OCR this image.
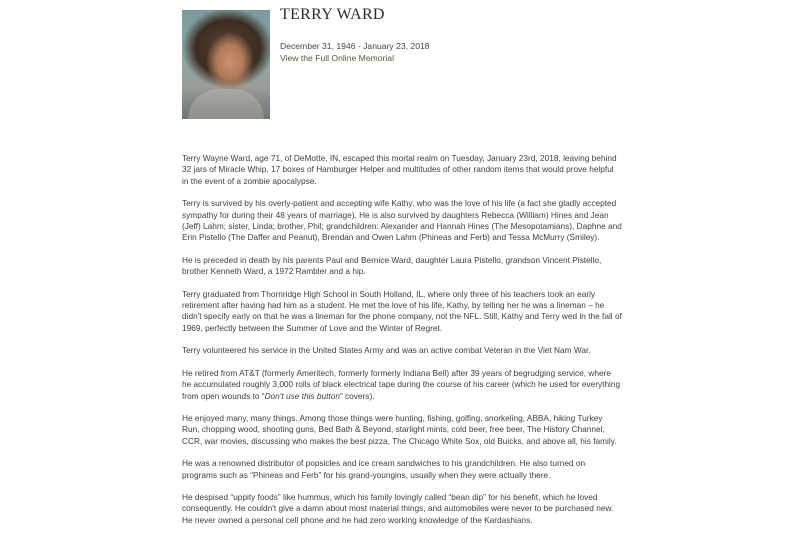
TERRY WARD
December 31, 1946 - January 23, 2018
View the Full Online Memorial

Terry Wayne Ward, age 71, of DeMotte, IN, escaped this mortal realm on Tuesday, January 23rd, 2018, leaving behind 32 jars of Miracle Whip, 17 boxes of Hamburger Helper and multitudes of other random items that would prove helpful in the event of a zombie apocalypse.

Terry is survived by his overly-patient and accepting wife Kathy, who was the love of his life (a fact she gladly accepted sympathy for during their 48 years of marriage). He is also survived by daughters Rebecca (William) Hines and Jean (Jeff) Lahm; sister, Linda; brother, Phil; grandchildren: Alexander and Hannah Hines (The Mesopotamians), Daphne and Erin Pistello (The Daffer and Peanut), Brendan and Owen Lahm (Phineas and Ferb) and Tessa McMurry (Smiley).

He is preceded in death by his parents Paul and Bernice Ward, daughter Laura Pistello, grandson Vincent Pistello, brother Kenneth Ward, a 1972 Rambler and a hip.

Terry graduated from Thornridge High School in South Holland, IL, where only three of his teachers took an early retirement after having had him as a student. He met the love of his life, Kathy, by telling her he was a lineman – he didn't specify early on that he was a lineman for the phone company, not the NFL. Still, Kathy and Terry wed in the fall of 1969, perfectly between the Summer of Love and the Winter of Regret.

Terry volunteered his service in the United States Army and was an active combat Veteran in the Viet Nam War.

He retired from AT&T (formerly Ameritech, formerly formerly Indiana Bell) after 39 years of begrudging service, where he accumulated roughly 3,000 rolls of black electrical tape during the course of his career (which he used for everything from open wounds to “Don't use this button” covers).

He enjoyed many, many things. Among those things were hunting, fishing, golfing, snorkeling, ABBA, hiking Turkey Run, chopping wood, shooting guns, Bed Bath & Beyond, starlight mints, cold beer, free beer, The History Channel, CCR, war movies, discussing who makes the best pizza, The Chicago White Sox, old Buicks, and above all, his family.

He was a renowned distributor of popsicles and ice cream sandwiches to his grandchildren. He also turned on programs such as “Phineas and Ferb” for his grand-youngins, usually when they were actually there.

He despised “uppity foods” like hummus, which his family lovingly called “bean dip” for his benefit, which he loved consequently. He couldn't give a damn about most material things, and automobiles were never to be purchased new. He never owned a personal cell phone and he had zero working knowledge of the Kardashians.
